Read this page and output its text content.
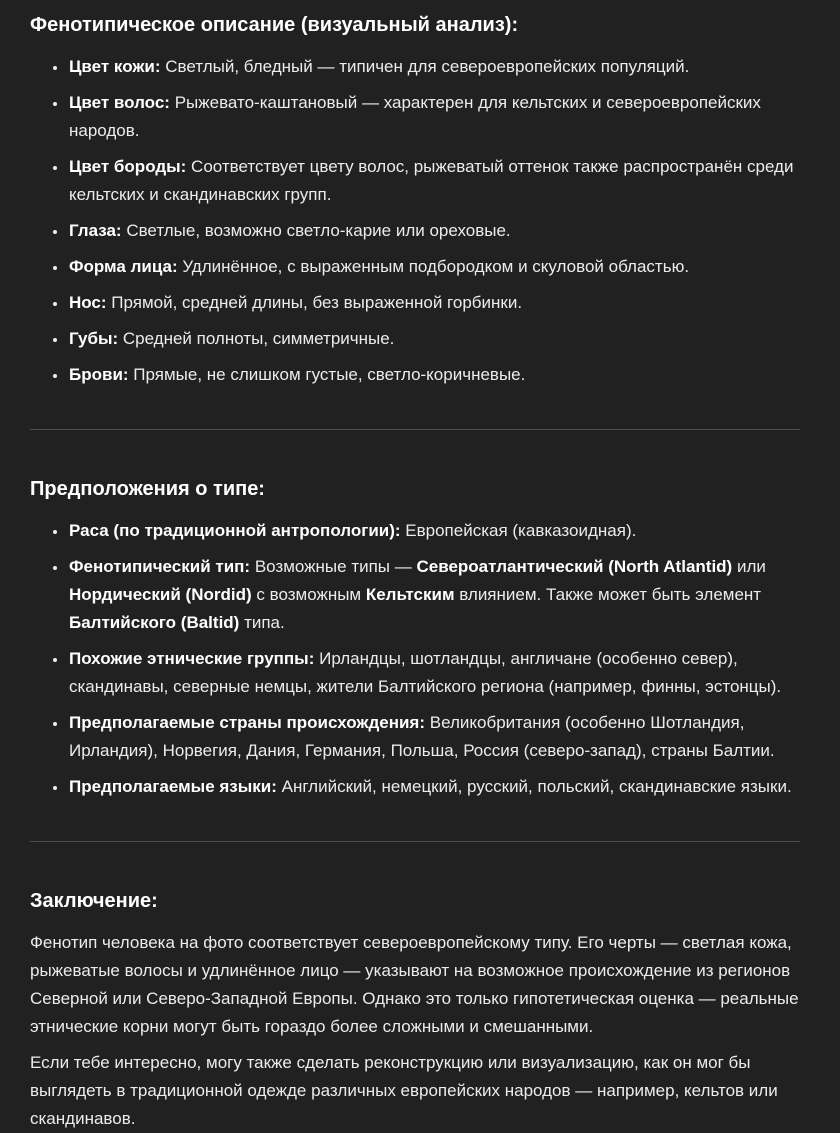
Фенотипическое описание (визуальный анализ):
• Цвет кожи: Светлый, бледный — типичен для североевропейских популяций.
• Цвет волос: Рыжевато-каштановый — характерен для кельтских и североевропейских народов.
• Цвет бороды: Соответствует цвету волос, рыжеватый оттенок также распространён среди кельтских и скандинавских групп.
• Глаза: Светлые, возможно светло-карие или ореховые.
• Форма лица: Удлинённое, с выраженным подбородком и скуловой областью.
• Нос: Прямой, средней длины, без выраженной горбинки.
• Губы: Средней полноты, симметричные.
• Брови: Прямые, не слишком густые, светло-коричневые.
Предположения о типе:
• Раса (по традиционной антропологии): Европейская (кавказоидная).
• Фенотипический тип: Возможные типы — Североатлантический (North Atlantid) или Нордический (Nordid) с возможным Кельтским влиянием. Также может быть элемент Балтийского (Baltid) типа.
• Похожие этнические группы: Ирландцы, шотландцы, англичане (особенно север), скандинавы, северные немцы, жители Балтийского региона (например, финны, эстонцы).
• Предполагаемые страны происхождения: Великобритания (особенно Шотландия, Ирландия), Норвегия, Дания, Германия, Польша, Россия (северо-запад), страны Балтии.
• Предполагаемые языки: Английский, немецкий, русский, польский, скандинавские языки.
Заключение:

Фенотип человека на фото соответствует североевропейскому типу. Его черты — светлая кожа, рыжеватые волосы и удлинённое лицо — указывают на возможное происхождение из регионов Северной или Северо-Западной Европы. Однако это только гипотетическая оценка — реальные этнические корни могут быть гораздо более сложными и смешанными.

Если тебе интересно, могу также сделать реконструкцию или визуализацию, как он мог бы выглядеть в традиционной одежде различных европейских народов — например, кельтов или скандинавов.
